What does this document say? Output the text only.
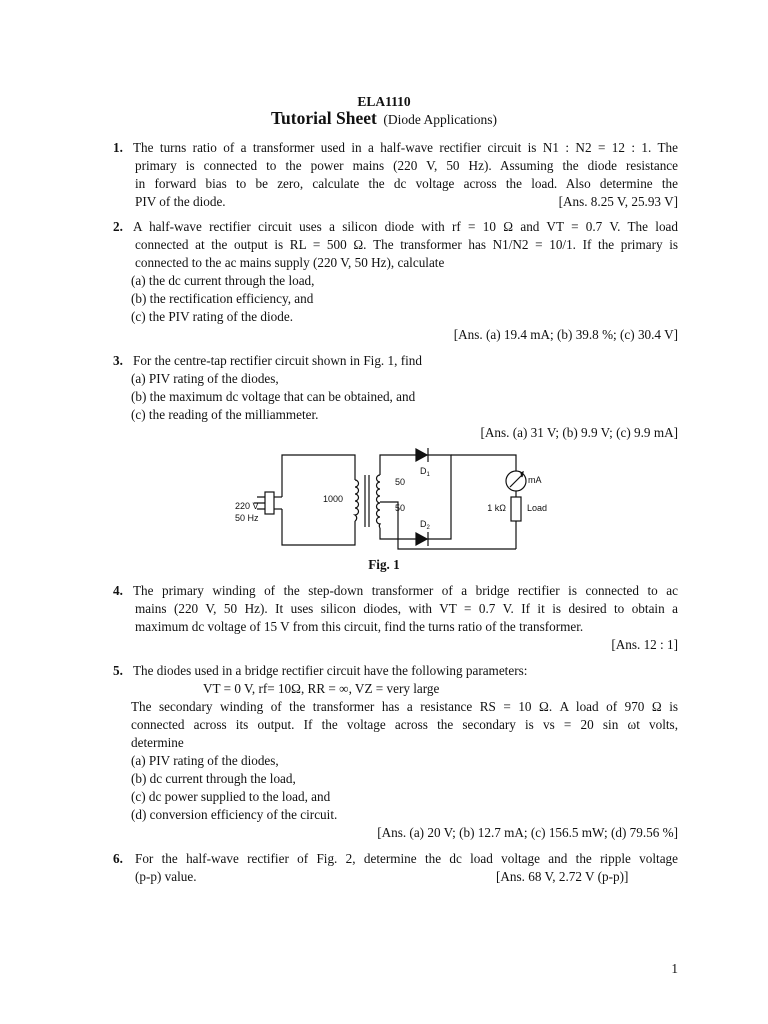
ELA1110
Tutorial Sheet (Diode Applications)
1. The turns ratio of a transformer used in a half-wave rectifier circuit is N1 : N2 = 12 : 1. The
primary is connected to the power mains (220 V, 50 Hz). Assuming the diode resistance
in forward bias to be zero, calculate the dc voltage across the load. Also determine the
PIV of the diode.	[Ans. 8.25 V, 25.93 V]
2. A half-wave rectifier circuit uses a silicon diode with rf = 10 Ω and VT = 0.7 V. The load
connected at the output is RL = 500 Ω. The transformer has N1/N2 = 10/1. If the primary is
connected to the ac mains supply (220 V, 50 Hz), calculate
(a) the dc current through the load,
(b) the rectification efficiency, and
(c) the PIV rating of the diode.
[Ans. (a) 19.4 mA; (b) 39.8 %; (c) 30.4 V]
3. For the centre-tap rectifier circuit shown in Fig. 1, find
(a) PIV rating of the diodes,
(b) the maximum dc voltage that can be obtained, and
(c) the reading of the milliammeter.
[Ans. (a) 31 V; (b) 9.9 V; (c) 9.9 mA]
220 V
50 Hz
1000
50
50
$D_1$
$D_2$
mA
1 kΩ Load
Fig. 1
4. The primary winding of the step-down transformer of a bridge rectifier is connected to ac
mains (220 V, 50 Hz). It uses silicon diodes, with VT = 0.7 V. If it is desired to obtain a
maximum dc voltage of 15 V from this circuit, find the turns ratio of the transformer.
[Ans. 12 : 1]
5. The diodes used in a bridge rectifier circuit have the following parameters:
VT = 0 V, rf= 10Ω, RR = ∞, VZ = very large
The secondary winding of the transformer has a resistance RS = 10 Ω. A load of 970 Ω is
connected across its output. If the voltage across the secondary is vs = 20 sin ωt volts,
determine
(a) PIV rating of the diodes,
(b) dc current through the load,
(c) dc power supplied to the load, and
(d) conversion efficiency of the circuit.
[Ans. (a) 20 V; (b) 12.7 mA; (c) 156.5 mW; (d) 79.56 %]
6. For the half-wave rectifier of Fig. 2, determine the dc load voltage and the ripple voltage
(p-p) value.	[Ans. 68 V, 2.72 V (p-p)]
1
